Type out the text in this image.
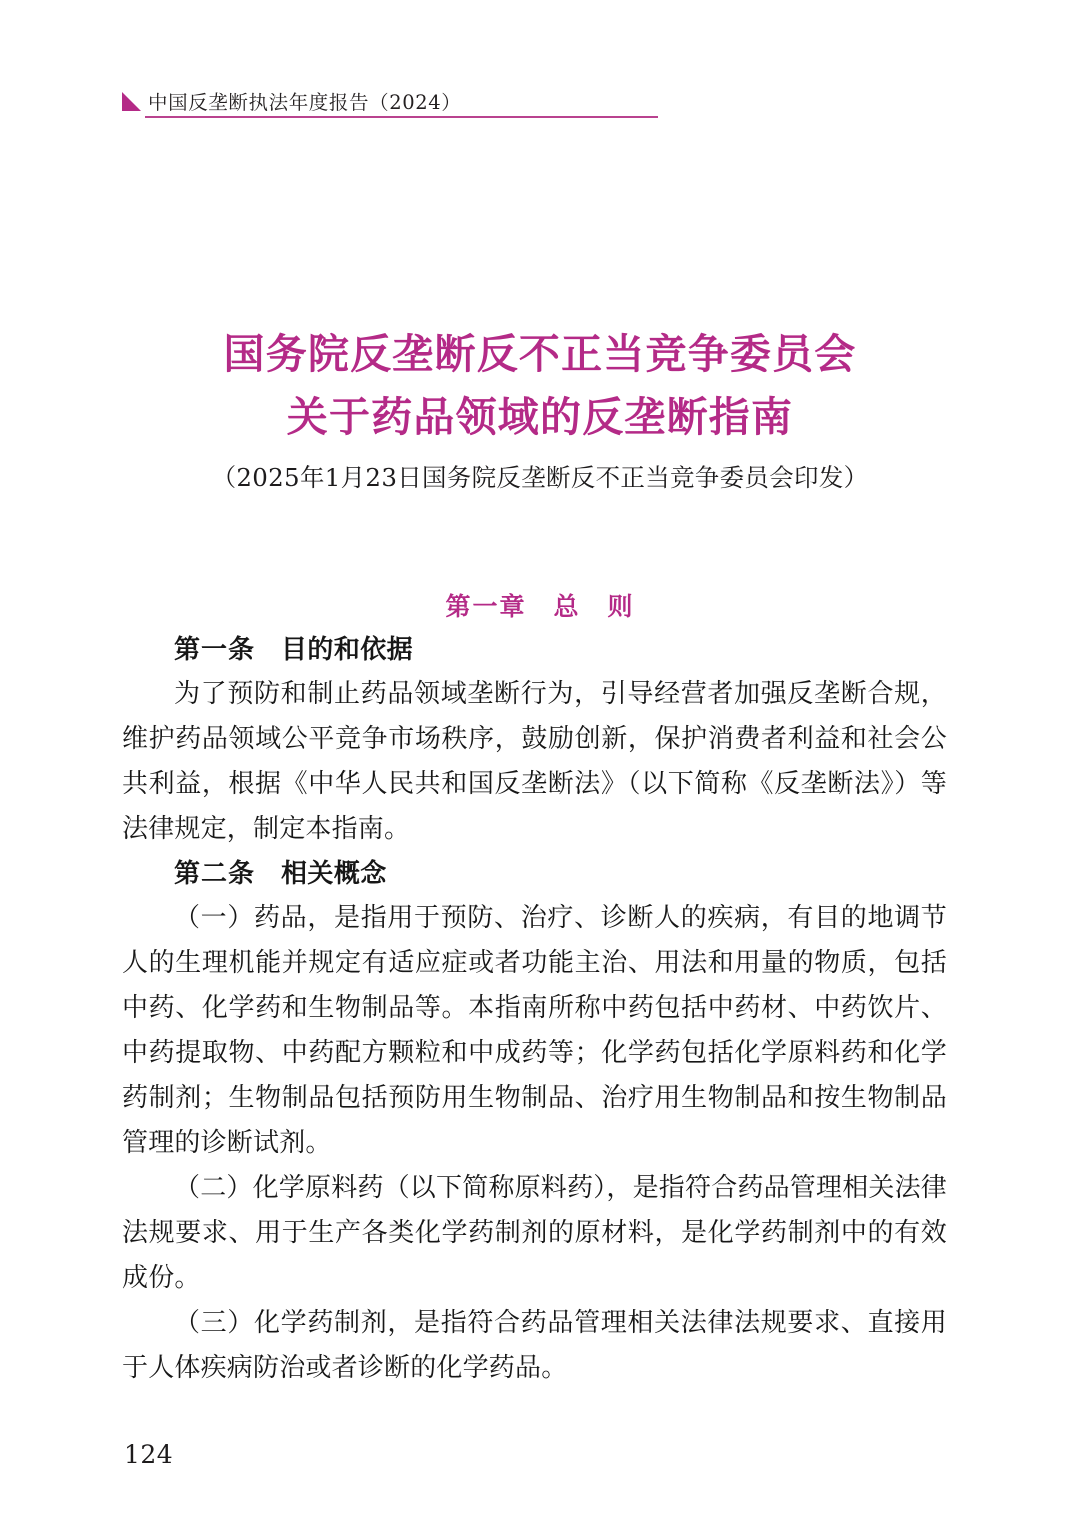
中国反垄断执法年度报告（2024）
国务院反垄断反不正当竞争委员会
关于药品领域的反垄断指南
（2025年1月23日国务院反垄断反不正当竞争委员会印发）
第一章　总　则
第一条 目的和依据

为了预防和制止药品领域垄断行为，引导经营者加强反垄断合规，维护药品领域公平竞争市场秩序，鼓励创新，保护消费者利益和社会公共利益，根据《中华人民共和国反垄断法》（以下简称《反垄断法》）等法律规定，制定本指南。

第二条 相关概念

（一）药品，是指用于预防、治疗、诊断人的疾病，有目的地调节人的生理机能并规定有适应症或者功能主治、用法和用量的物质，包括中药、化学药和生物制品等。本指南所称中药包括中药材、中药饮片、中药提取物、中药配方颗粒和中成药等；化学药包括化学原料药和化学药制剂；生物制品包括预防用生物制品、治疗用生物制品和按生物制品管理的诊断试剂。

（二）化学原料药（以下简称原料药），是指符合药品管理相关法律法规要求、用于生产各类化学药制剂的原材料，是化学药制剂中的有效成份。

（三）化学药制剂，是指符合药品管理相关法律法规要求、直接用于人体疾病防治或者诊断的化学药品。

124
